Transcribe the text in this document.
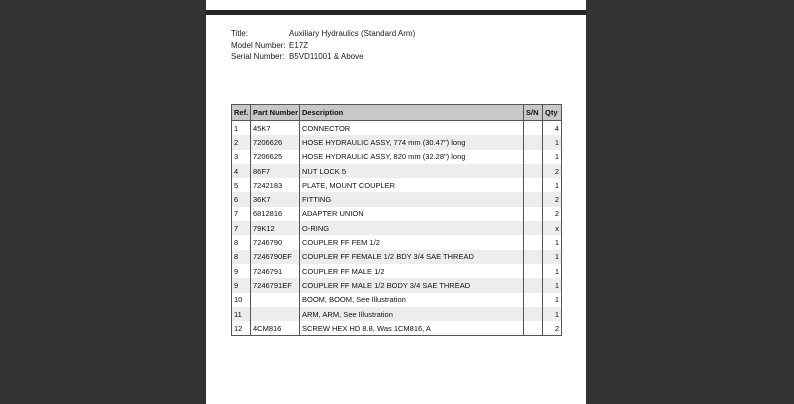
Title:	Auxiliary Hydraulics (Standard Arm)
Model Number: E17Z
Serial Number: B5VD11001 & Above
Ref.	Part Number	Description	S/N	Qty
1	45K7	CONNECTOR		4
2	7206626	HOSE HYDRAULIC ASSY, 774 mm (30.47") long		1
3	7206625	HOSE HYDRAULIC ASSY, 820 mm (32.28") long		1
4	86F7	NUT LOCK 5		2
5	7242183	PLATE, MOUNT COUPLER		1
6	36K7	FITTING		2
7	6812816	ADAPTER UNION		2
7	79K12	O-RING		x
8	7246790	COUPLER FF FEM 1/2		1
8	7246790EF	COUPLER FF FEMALE 1/2 BDY 3/4 SAE THREAD		1
9	7246791	COUPLER FF MALE 1/2		1
9	7246791EF	COUPLER FF MALE 1/2 BODY 3/4 SAE THREAD		1
10		BOOM, BOOM, See Illustration		1
11		ARM, ARM, See Illustration		1
12	4CM816	SCREW HEX HD 8.8, Was 1CM816, A		2
